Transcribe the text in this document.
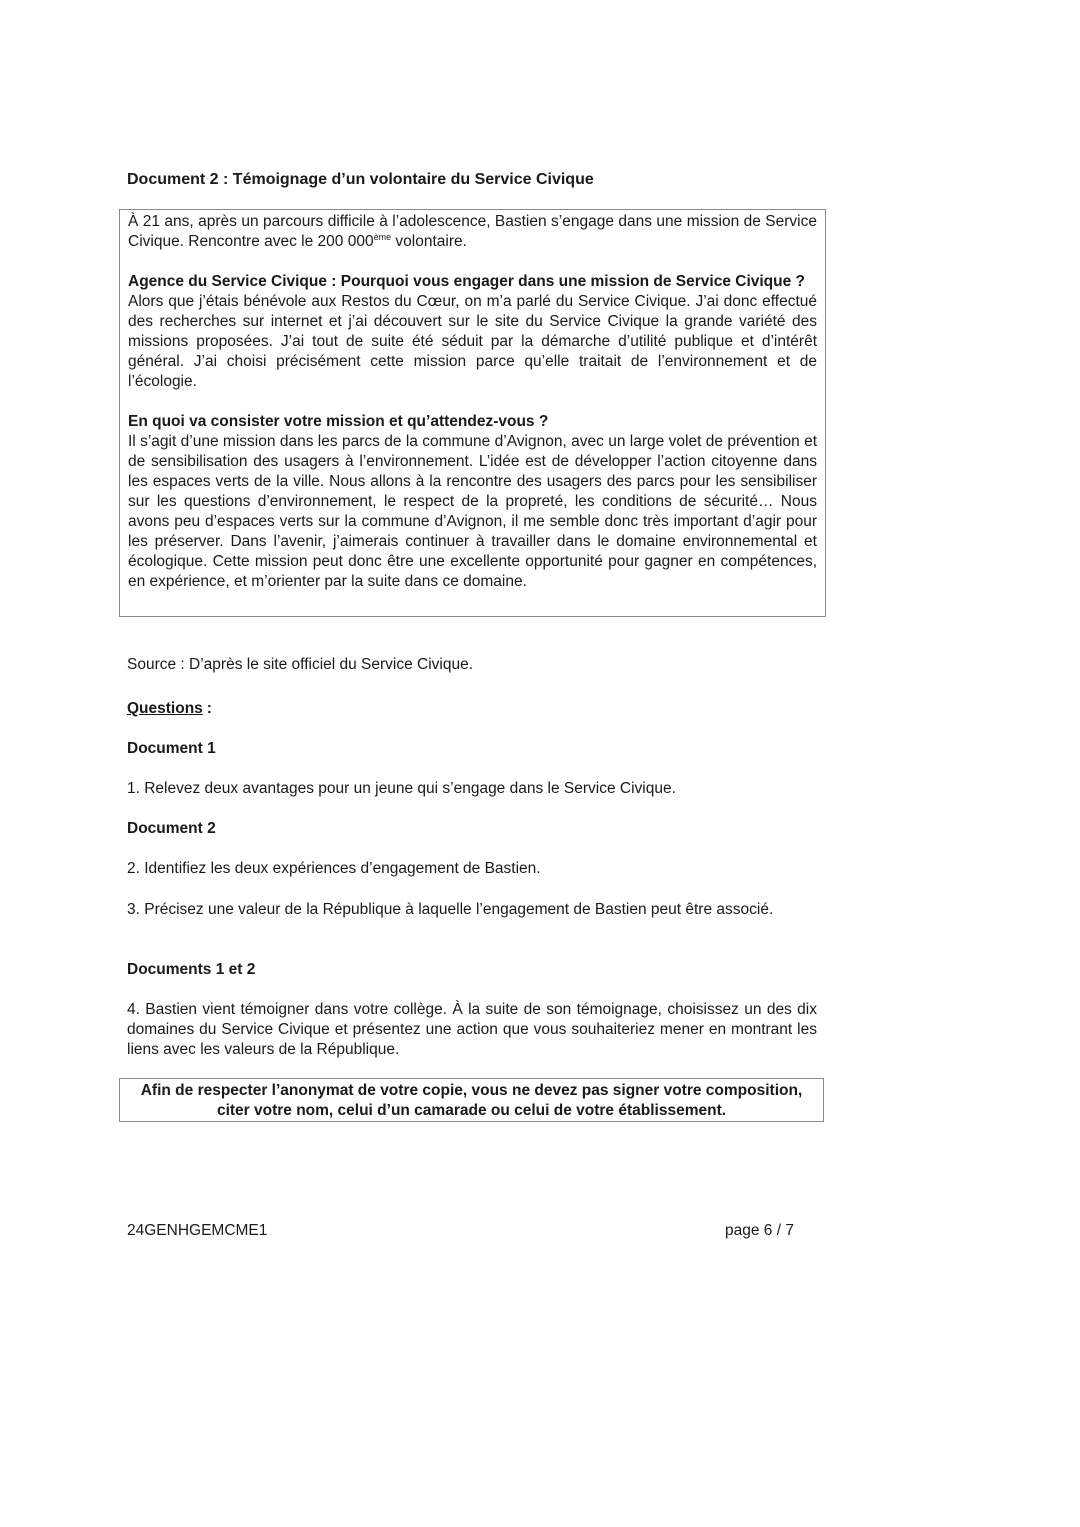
Document 2 : Témoignage d’un volontaire du Service Civique

À 21 ans, après un parcours difficile à l’adolescence, Bastien s’engage dans une mission de Service Civique. Rencontre avec le 200 000ème volontaire.

Agence du Service Civique : Pourquoi vous engager dans une mission de Service Civique ?

Alors que j’étais bénévole aux Restos du Cœur, on m’a parlé du Service Civique. J’ai donc effectué des recherches sur internet et j’ai découvert sur le site du Service Civique la grande variété des missions proposées. J’ai tout de suite été séduit par la démarche d’utilité publique et d’intérêt général. J’ai choisi précisément cette mission parce qu’elle traitait de l’environnement et de l’écologie.

En quoi va consister votre mission et qu’attendez-vous ?

Il s’agit d’une mission dans les parcs de la commune d’Avignon, avec un large volet de prévention et de sensibilisation des usagers à l’environnement. L’idée est de développer l’action citoyenne dans les espaces verts de la ville. Nous allons à la rencontre des usagers des parcs pour les sensibiliser sur les questions d’environnement, le respect de la propreté, les conditions de sécurité… Nous avons peu d’espaces verts sur la commune d’Avignon, il me semble donc très important d’agir pour les préserver. Dans l’avenir, j’aimerais continuer à travailler dans le domaine environnemental et écologique. Cette mission peut donc être une excellente opportunité pour gagner en compétences, en expérience, et m’orienter par la suite dans ce domaine.

Source : D’après le site officiel du Service Civique.
Questions :
Document 1

1. Relevez deux avantages pour un jeune qui s’engage dans le Service Civique.

Document 2

2. Identifiez les deux expériences d’engagement de Bastien.

3. Précisez une valeur de la République à laquelle l’engagement de Bastien peut être associé.

Documents 1 et 2

4. Bastien vient témoigner dans votre collège. À la suite de son témoignage, choisissez un des dix domaines du Service Civique et présentez une action que vous souhaiteriez mener en montrant les liens avec les valeurs de la République.

Afin de respecter l’anonymat de votre copie, vous ne devez pas signer votre composition, citer votre nom, celui d’un camarade ou celui de votre établissement.
24GENHGEMCME1	page 6 / 7
